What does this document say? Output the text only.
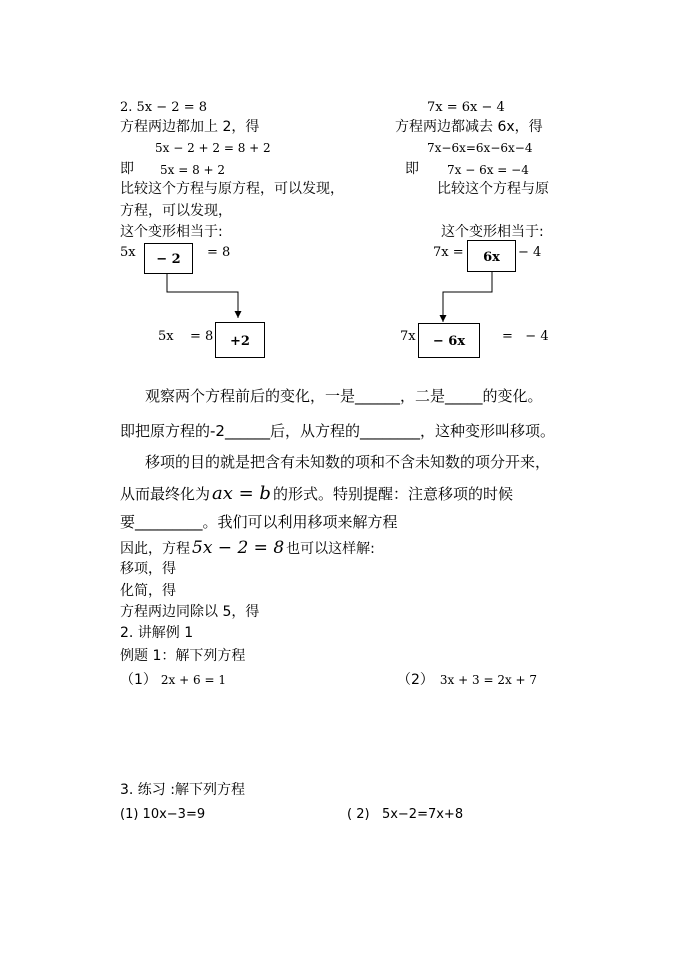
2. 5x − 2 = 8
方程两边都加上 2，得
5x − 2 + 2 = 8 + 2
即 5x = 8 + 2
比较这个方程与原方程，可以发现，
方程，可以发现，
这个变形相当于:
7x = 6x − 4
方程两边都减去 6x，得
7x−6x=6x−6x−4
即 7x − 6x = −4
比较这个方程与原
这个变形相当于:
5x	− 2	= 8
5x = 8	+2
7x =	6x	− 4
7x	− 6x	=   − 4
观察两个方程前后的变化，一是______，二是_____的变化。
即把原方程的-2______后，从方程的________，这种变形叫移项。
移项的目的就是把含有未知数的项和不含未知数的项分开来，
从而最终化为 ax = b 的形式。特别提醒：注意移项的时候
要_________。我们可以利用移项来解方程
因此，方程 5x − 2 = 8 也可以这样解:
移项，得
化简，得
方程两边同除以 5，得
2. 讲解例 1
例题 1：解下列方程
（1） 2x + 6 = 1	（2） 3x + 3 = 2x + 7
3. 练习 :解下列方程
(1) 10x−3=9	( 2)   5x−2=7x+8
